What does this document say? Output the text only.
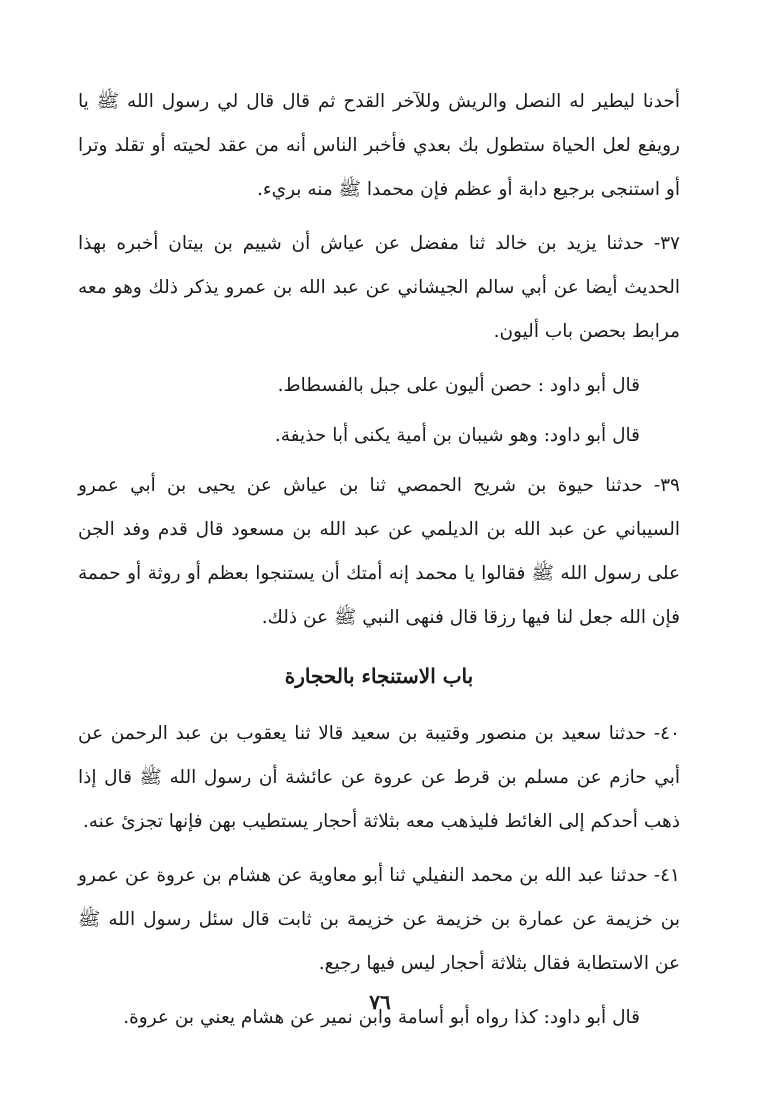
أحدنا ليطير له النصل والريش وللآخر القدح ثم قال قال لي رسول الله ﷺ يا رويفع لعل الحياة ستطول بك بعدي فأخبر الناس أنه من عقد لحيته أو تقلد وترا أو استنجى برجيع دابة أو عظم فإن محمدا ﷺ منه بريء.

٣٧- حدثنا يزيد بن خالد ثنا مفضل عن عياش أن شييم بن بيتان أخبره بهذا الحديث أيضا عن أبي سالم الجيشاني عن عبد الله بن عمرو يذكر ذلك وهو معه مرابط بحصن باب أليون.

قال أبو داود : حصن أليون على جبل بالفسطاط.

قال أبو داود: وهو شيبان بن أمية يكنى أبا حذيفة.

٣٩- حدثنا حيوة بن شريح الحمصي ثنا بن عياش عن يحيى بن أبي عمرو السيباني عن عبد الله بن الديلمي عن عبد الله بن مسعود قال قدم وفد الجن على رسول الله ﷺ فقالوا يا محمد إنه أمتك أن يستنجوا بعظم أو روثة أو حممة فإن الله جعل لنا فيها رزقا قال فنهى النبي ﷺ عن ذلك.

باب الاستنجاء بالحجارة

٤٠- حدثنا سعيد بن منصور وقتيبة بن سعيد قالا ثنا يعقوب بن عبد الرحمن عن أبي حازم عن مسلم بن قرط عن عروة عن عائشة أن رسول الله ﷺ قال إذا ذهب أحدكم إلى الغائط فليذهب معه بثلاثة أحجار يستطيب بهن فإنها تجزئ عنه.

٤١- حدثنا عبد الله بن محمد النفيلي ثنا أبو معاوية عن هشام بن عروة عن عمرو بن خزيمة عن عمارة بن خزيمة عن خزيمة بن ثابت قال سئل رسول الله ﷺ عن الاستطابة فقال بثلاثة أحجار ليس فيها رجيع.

قال أبو داود: كذا رواه أبو أسامة وابن نمير عن هشام يعني بن عروة.

٧٦
